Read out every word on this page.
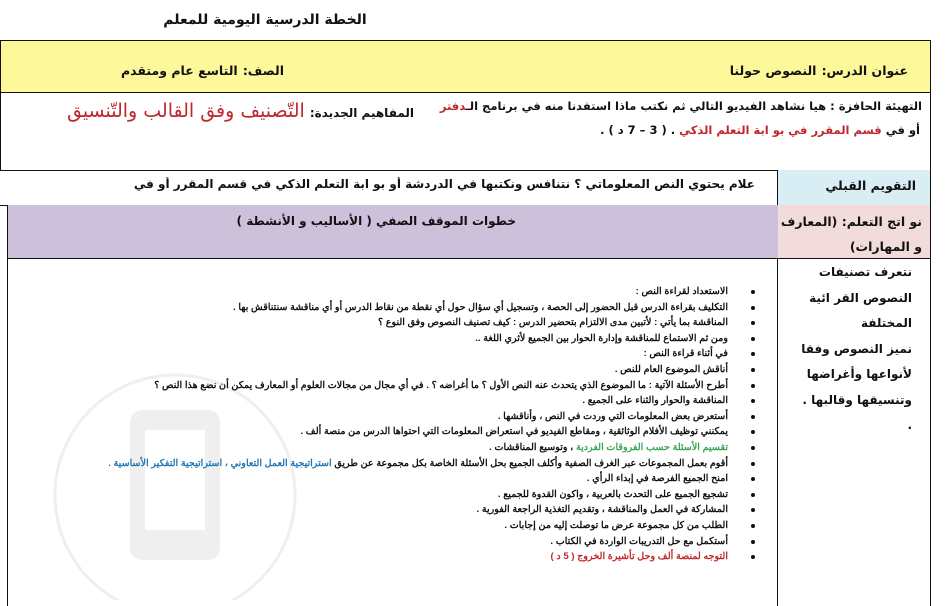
الخطة الدرسية اليومية للمعلم
عنوان الدرس: النصوص حولنا
الصف: التاسع عام ومتقدم
التهيئة الحافزة : هيا نشاهد الفيديو التالي ثم نكتب ماذا استفدنا منه في برنامج الـدفتر
أو في قسم المقرر في بو ابة التعلم الذكي . ( 3 – 7 د ) .
المفاهيم الجديدة: التّصنيف وفق القالب والتّنسيق
التقويم القبلي
علام يحتوي النص المعلوماتي ؟ نتنافس ونكتبها في الدردشة أو بو ابة التعلم الذكي في قسم المقرر أو في
نو اتج التعلم: (المعارف و المهارات)
خطوات الموقف الصفي ( الأساليب و الأنشطة )
نتعرف تصنيفات
النصوص القر ائية
المختلفة
نميز النصوص وفقا
لأنواعها وأغراضها
وتنسيقها وقالبها .
.
الاستعداد لقراءة النص :
التكليف بقراءة الدرس قبل الحضور إلى الحصة ، وتسجيل أي سؤال حول أي نقطة من نقاط الدرس أو أي مناقشة سنتناقش بها .
المناقشة بما يأتي : لأتبين مدى الالتزام بتحضير الدرس : كيف تصنيف النصوص وفق النوع ؟
ومن ثم الاستماع للمناقشة وإدارة الحوار بين الجميع لأثري اللغة ..
في أثناء قراءة النص :
أناقش الموضوع العام للنص .
أطرح الأسئلة الآتية : ما الموضوع الذي يتحدث عنه النص الأول ؟ ما أغراضه ؟ . في أي مجال من مجالات العلوم أو المعارف يمكن أن نضع هذا النص ؟
المناقشة والحوار والثناء على الجميع .
أستعرض بعض المعلومات التي وردت في النص ، وأناقشها .
يمكنني توظيف الأفلام الوثائقية ، ومقاطع الفيديو في استعراض المعلومات التي احتواها الدرس من منصة ألف .
تقسيم الأسئلة حسب الفروقات الفردية ، وتوسيع المناقشات .
أقوم بعمل المجموعات عبر الغرف الصفية وأكلف الجميع بحل الأسئلة الخاصة بكل مجموعة عن طريق استراتيجية العمل التعاوني ، استراتيجية التفكير الأساسية .
امنح الجميع الفرصة في إبداء الرأي .
تشجيع الجميع على التحدث بالعربية ، واكون القدوة للجميع .
المشاركة في العمل والمناقشة ، وتقديم التغذية الراجعة الفورية .
الطلب من كل مجموعة عرض ما توصلت إليه من إجابات .
أستكمل مع حل التدريبات الواردة في الكتاب .
التوجه لمنصة ألف وحل تأشيرة الخروج ( 5 د )
